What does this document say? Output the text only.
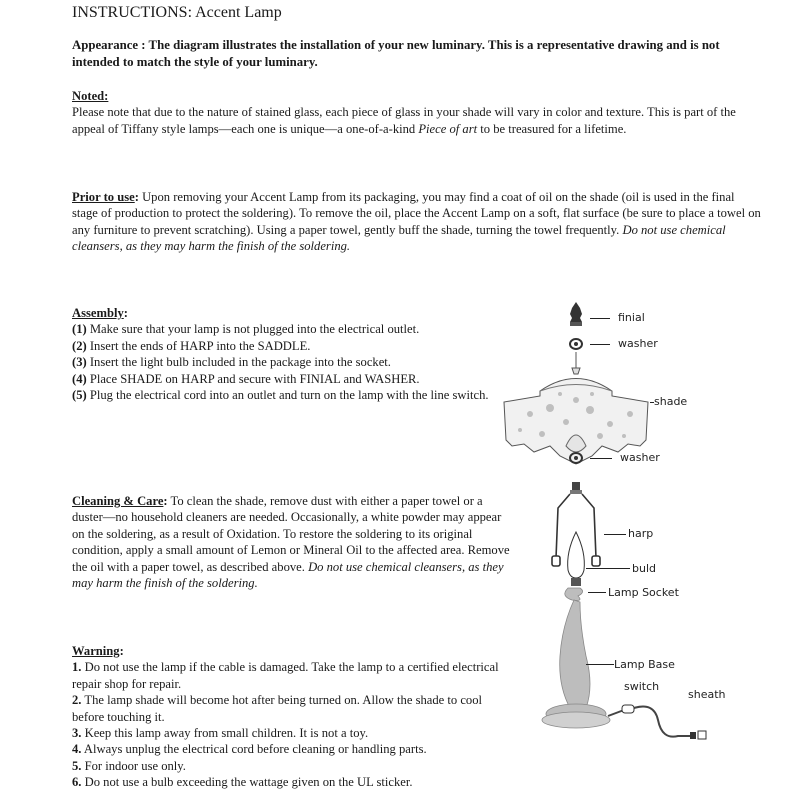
INSTRUCTIONS: Accent Lamp
Appearance : The diagram illustrates the installation of your new luminary. This is a representative drawing and is not intended to match the style of your luminary.
Noted:
Please note that due to the nature of stained glass, each piece of glass in your shade will vary in color and texture. This is part of the appeal of Tiffany style lamps—each one is unique—a one-of-a-kind Piece of art to be treasured for a lifetime.
Prior to use: Upon removing your Accent Lamp from its packaging, you may find a coat of oil on the shade (oil is used in the final stage of production to protect the soldering). To remove the oil, place the Accent Lamp on a soft, flat surface (be sure to place a towel on any furniture to prevent scratching). Using a paper towel, gently buff the shade, turning the towel frequently. Do not use chemical cleansers, as they may harm the finish of the soldering.
Assembly:
(1) Make sure that your lamp is not plugged into the electrical outlet.
(2) Insert the ends of HARP into the SADDLE.
(3) Insert the light bulb included in the package into the socket.
(4) Place SHADE on HARP and secure with FINIAL and WASHER.
(5) Plug the electrical cord into an outlet and turn on the lamp with the line switch.
Cleaning & Care: To clean the shade, remove dust with either a paper towel or a duster—no household cleaners are needed. Occasionally, a white powder may appear on the soldering, as a result of Oxidation. To restore the soldering to its original condition, apply a small amount of Lemon or Mineral Oil to the affected area. Remove the oil with a paper towel, as described above. Do not use chemical cleansers, as they may harm the finish of the soldering.
Warning:
1. Do not use the lamp if the cable is damaged. Take the lamp to a certified electrical repair shop for repair.
2. The lamp shade will become hot after being turned on. Allow the shade to cool before touching it.
3. Keep this lamp away from small children. It is not a toy.
4. Always unplug the electrical cord before cleaning or handling parts.
5. For indoor use only.
6. Do not use a bulb exceeding the wattage given on the UL sticker.
finial
washer
shade
washer
harp
buld
Lamp Socket
Lamp Base
switch
sheath
